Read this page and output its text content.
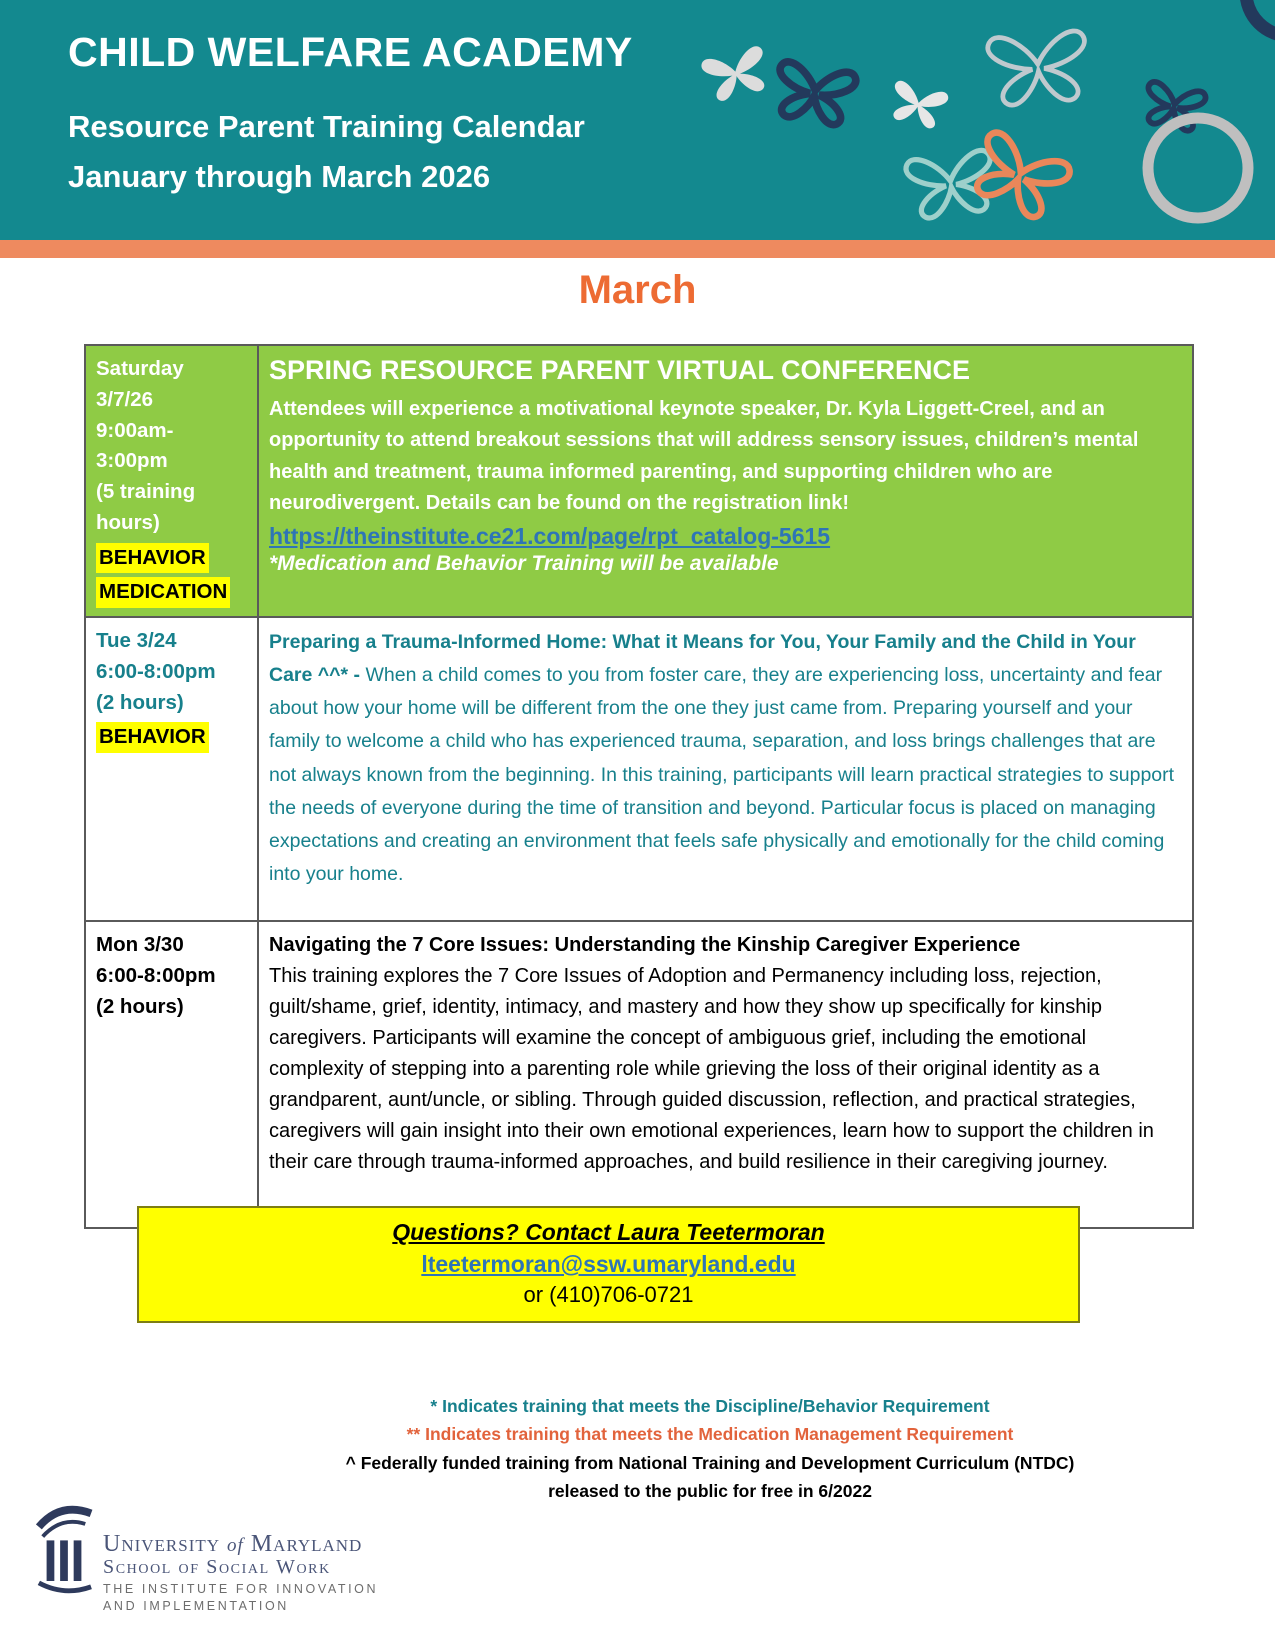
CHILD WELFARE ACADEMY
Resource Parent Training Calendar
January through March 2026
March
Saturday
3/7/26
9:00am-
3:00pm
(5 training
hours)
BEHAVIOR
MEDICATION
SPRING RESOURCE PARENT VIRTUAL CONFERENCE
Attendees will experience a motivational keynote speaker, Dr. Kyla Liggett-Creel, and an opportunity to attend breakout sessions that will address sensory issues, children’s mental health and treatment, trauma informed parenting, and supporting children who are neurodivergent. Details can be found on the registration link!
https://theinstitute.ce21.com/page/rpt_catalog-5615
*Medication and Behavior Training will be available
Tue 3/24
6:00-8:00pm
(2 hours)
BEHAVIOR

Preparing a Trauma-Informed Home: What it Means for You, Your Family and the Child in Your Care ^^* - When a child comes to you from foster care, they are experiencing loss, uncertainty and fear about how your home will be different from the one they just came from. Preparing yourself and your family to welcome a child who has experienced trauma, separation, and loss brings challenges that are not always known from the beginning. In this training, participants will learn practical strategies to support the needs of everyone during the time of transition and beyond. Particular focus is placed on managing expectations and creating an environment that feels safe physically and emotionally for the child coming into your home.

Mon 3/30
6:00-8:00pm
(2 hours)
Navigating the 7 Core Issues: Understanding the Kinship Caregiver Experience

This training explores the 7 Core Issues of Adoption and Permanency including loss, rejection, guilt/shame, grief, identity, intimacy, and mastery and how they show up specifically for kinship caregivers. Participants will examine the concept of ambiguous grief, including the emotional complexity of stepping into a parenting role while grieving the loss of their original identity as a grandparent, aunt/uncle, or sibling. Through guided discussion, reflection, and practical strategies, caregivers will gain insight into their own emotional experiences, learn how to support the children in their care through trauma-informed approaches, and build resilience in their caregiving journey.

Questions? Contact Laura Teetermoran
lteetermoran@ssw.umaryland.edu
or (410)706-0721
* Indicates training that meets the Discipline/Behavior Requirement
** Indicates training that meets the Medication Management Requirement
^ Federally funded training from National Training and Development Curriculum (NTDC)
released to the public for free in 6/2022
University of Maryland
School of Social Work
THE INSTITUTE FOR INNOVATION
AND IMPLEMENTATION
